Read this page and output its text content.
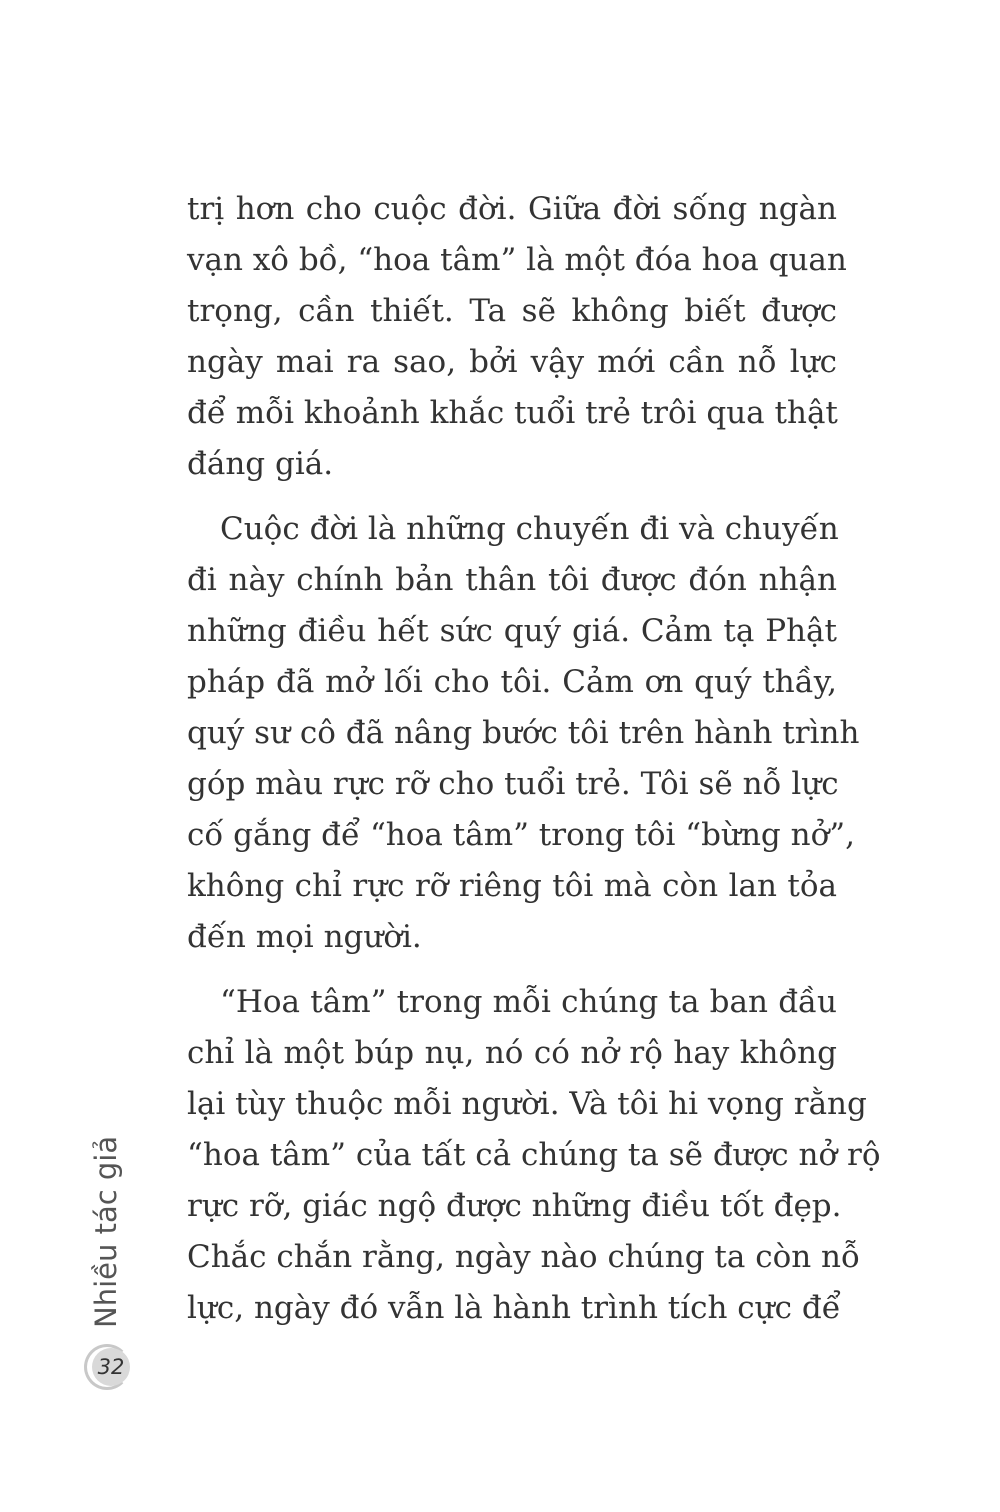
trị hơn cho cuộc đời. Giữa đời sống ngàn
vạn xô bồ, “hoa tâm” là một đóa hoa quan
trọng, cần thiết. Ta sẽ không biết được
ngày mai ra sao, bởi vậy mới cần nỗ lực
để mỗi khoảnh khắc tuổi trẻ trôi qua thật
đáng giá.
Cuộc đời là những chuyến đi và chuyến
đi này chính bản thân tôi được đón nhận
những điều hết sức quý giá. Cảm tạ Phật
pháp đã mở lối cho tôi. Cảm ơn quý thầy,
quý sư cô đã nâng bước tôi trên hành trình
góp màu rực rỡ cho tuổi trẻ. Tôi sẽ nỗ lực
cố gắng để “hoa tâm” trong tôi “bừng nở”,
không chỉ rực rỡ riêng tôi mà còn lan tỏa
đến mọi người.
“Hoa tâm” trong mỗi chúng ta ban đầu
chỉ là một búp nụ, nó có nở rộ hay không
lại tùy thuộc mỗi người. Và tôi hi vọng rằng
“hoa tâm” của tất cả chúng ta sẽ được nở rộ
rực rỡ, giác ngộ được những điều tốt đẹp.
Chắc chắn rằng, ngày nào chúng ta còn nỗ
lực, ngày đó vẫn là hành trình tích cực để
Nhiều tác giả
32
